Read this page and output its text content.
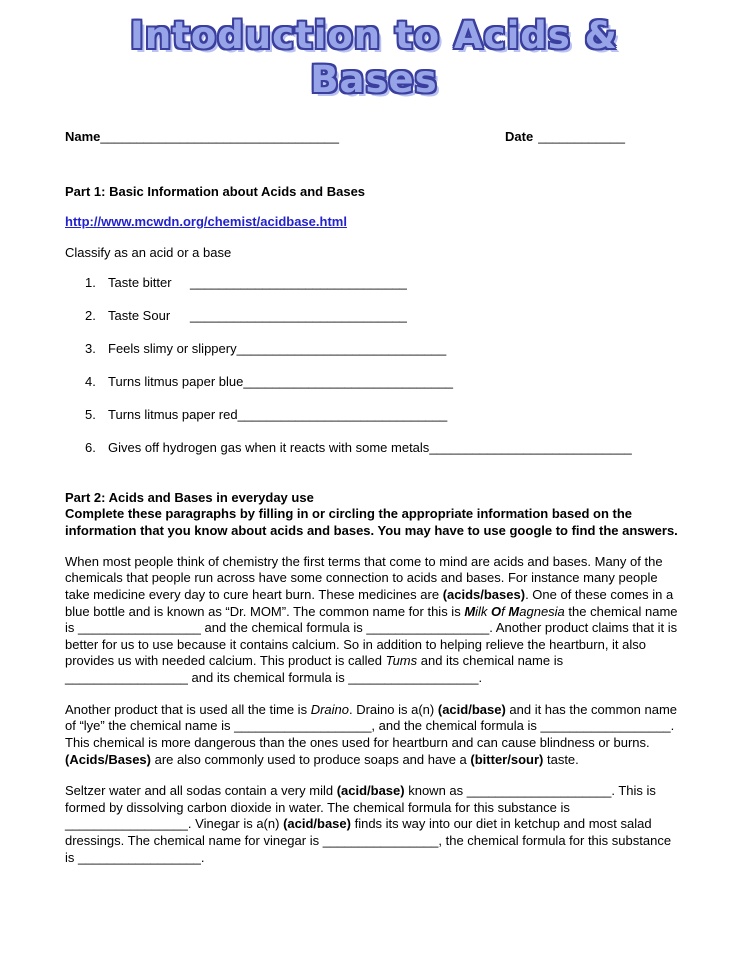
Intoduction to Acids & Bases
Name_________________________________	Date ____________
Part 1: Basic Information about Acids and Bases
http://www.mcwdn.org/chemist/acidbase.html
Classify as an acid or a base
1. Taste bitter ______________________________
2. Taste Sour ______________________________
3. Feels slimy or slippery_____________________________
4. Turns litmus paper blue_____________________________
5. Turns litmus paper red_____________________________
6. Gives off hydrogen gas when it reacts with some metals____________________________
Part 2: Acids and Bases in everyday use
Complete these paragraphs by filling in or circling the appropriate information based on the information that you know about acids and bases. You may have to use google to find the answers.

When most people think of chemistry the first terms that come to mind are acids and bases. Many of the chemicals that people run across have some connection to acids and bases. For instance many people take medicine every day to cure heart burn. These medicines are (acids/bases). One of these comes in a blue bottle and is known as “Dr. MOM”. The common name for this is Milk Of Magnesia the chemical name is _________________ and the chemical formula is _________________. Another product claims that it is better for us to use because it contains calcium. So in addition to helping relieve the heartburn, it also provides us with needed calcium. This product is called Tums and its chemical name is _________________ and its chemical formula is __________________.

Another product that is used all the time is Draino. Draino is a(n) (acid/base) and it has the common name of “lye” the chemical name is ___________________, and the chemical formula is __________________. This chemical is more dangerous than the ones used for heartburn and can cause blindness or burns. (Acids/Bases) are also commonly used to produce soaps and have a (bitter/sour) taste.

Seltzer water and all sodas contain a very mild (acid/base) known as ____________________. This is formed by dissolving carbon dioxide in water. The chemical formula for this substance is _________________. Vinegar is a(n) (acid/base) finds its way into our diet in ketchup and most salad dressings. The chemical name for vinegar is ________________, the chemical formula for this substance is _________________.
